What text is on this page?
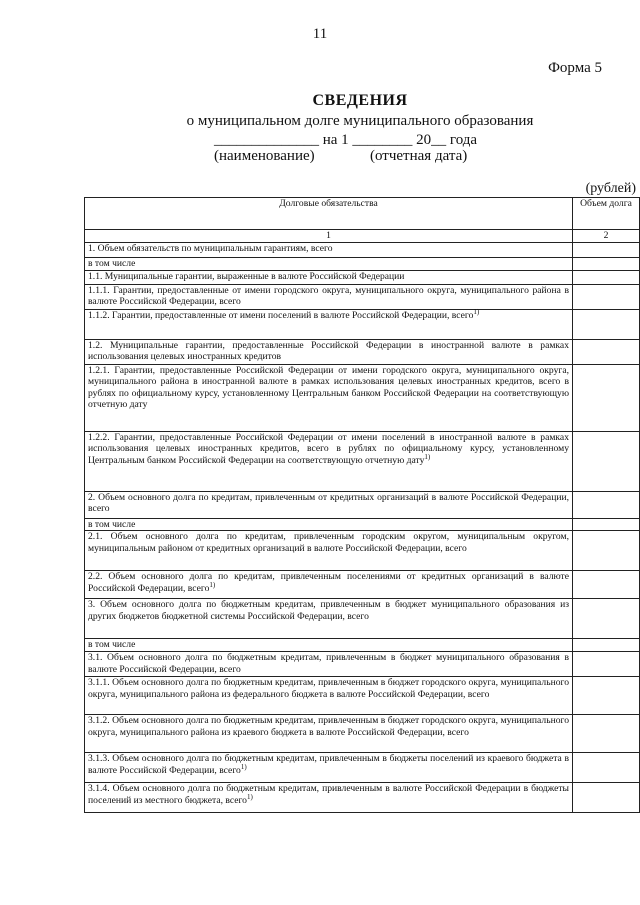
11
Форма 5
СВЕДЕНИЯ
о муниципальном долге муниципального образования
______________ на 1 ________ 20__ года
(наименование)	(отчетная дата)
(рублей)
Долговые обязательства	Объем долга
1	2
1. Объем обязательств по муниципальным гарантиям, всего	
в том числе	
1.1. Муниципальные гарантии, выраженные в валюте Российской Федерации	
1.1.1. Гарантии, предоставленные от имени городского округа, муниципального округа, муниципального района в валюте Российской Федерации, всего	
1.1.2. Гарантии, предоставленные от имени поселений в валюте Российской Федерации, всего$^{1)}$	
1.2. Муниципальные гарантии, предоставленные Российской Федерации в иностранной валюте в рамках использования целевых иностранных кредитов	
1.2.1. Гарантии, предоставленные Российской Федерации от имени городского округа, муниципального округа, муниципального района в иностранной валюте в рамках использования целевых иностранных кредитов, всего в рублях по официальному курсу, установленному Центральным банком Российской Федерации на соответствующую отчетную дату	
1.2.2. Гарантии, предоставленные Российской Федерации от имени поселений в иностранной валюте в рамках использования целевых иностранных кредитов, всего в рублях по официальному курсу, установленному Центральным банком Российской Федерации на соответствующую отчетную дату$^{1)}$	
2. Объем основного долга по кредитам, привлеченным от кредитных организаций в валюте Российской Федерации, всего	
в том числе	
2.1. Объем основного долга по кредитам, привлеченным городским округом, муниципальным округом, муниципальным районом от кредитных организаций в валюте Российской Федерации, всего	
2.2. Объем основного долга по кредитам, привлеченным поселениями от кредитных организаций в валюте Российской Федерации, всего$^{1)}$	
3. Объем основного долга по бюджетным кредитам, привлеченным в бюджет муниципального образования из других бюджетов бюджетной системы Российской Федерации, всего	
в том числе	
3.1. Объем основного долга по бюджетным кредитам, привлеченным в бюджет муниципального образования в валюте Российской Федерации, всего	
3.1.1. Объем основного долга по бюджетным кредитам, привлеченным в бюджет городского округа, муниципального округа, муниципального района из федерального бюджета в валюте Российской Федерации, всего	
3.1.2. Объем основного долга по бюджетным кредитам, привлеченным в бюджет городского округа, муниципального округа, муниципального района из краевого бюджета в валюте Российской Федерации, всего	
3.1.3. Объем основного долга по бюджетным кредитам, привлеченным в бюджеты поселений из краевого бюджета в валюте Российской Федерации, всего$^{1)}$	
3.1.4. Объем основного долга по бюджетным кредитам, привлеченным в валюте Российской Федерации в бюджеты поселений из местного бюджета, всего$^{1)}$	
